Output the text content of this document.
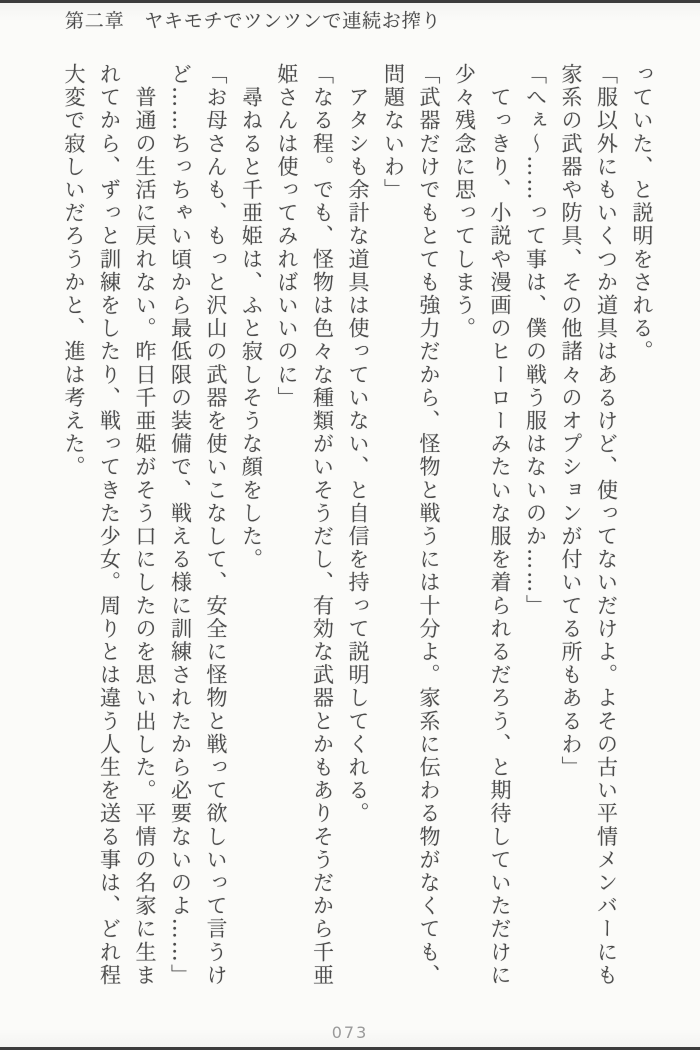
第二章　ヤキモチでツンツンで連続お搾り

っていた、と説明をされる。

「服以外にもいくつか道具はあるけど、使ってないだけよ。よその古い平情メンバーにも

家系の武器や防具、その他諸々のオプションが付いてる所もあるわ」

「へぇ～……って事は、僕の戦う服はないのか……」

　てっきり、小説や漫画のヒーローみたいな服を着られるだろう、と期待していただけに

少々残念に思ってしまう。

「武器だけでもとても強力だから、怪物と戦うには十分よ。家系に伝わる物がなくても、

問題ないわ」

　アタシも余計な道具は使っていない、と自信を持って説明してくれる。

「なる程。でも、怪物は色々な種類がいそうだし、有効な武器とかもありそうだから千亜

姫さんは使ってみればいいのに」

　尋ねると千亜姫は、ふと寂しそうな顔をした。

「お母さんも、もっと沢山の武器を使いこなして、安全に怪物と戦って欲しいって言うけ

ど……ちっちゃい頃から最低限の装備で、戦える様に訓練されたから必要ないのよ……」

　普通の生活に戻れない。昨日千亜姫がそう口にしたのを思い出した。平情の名家に生ま

れてから、ずっと訓練をしたり、戦ってきた少女。周りとは違う人生を送る事は、どれ程

大変で寂しいだろうかと、進は考えた。

073
